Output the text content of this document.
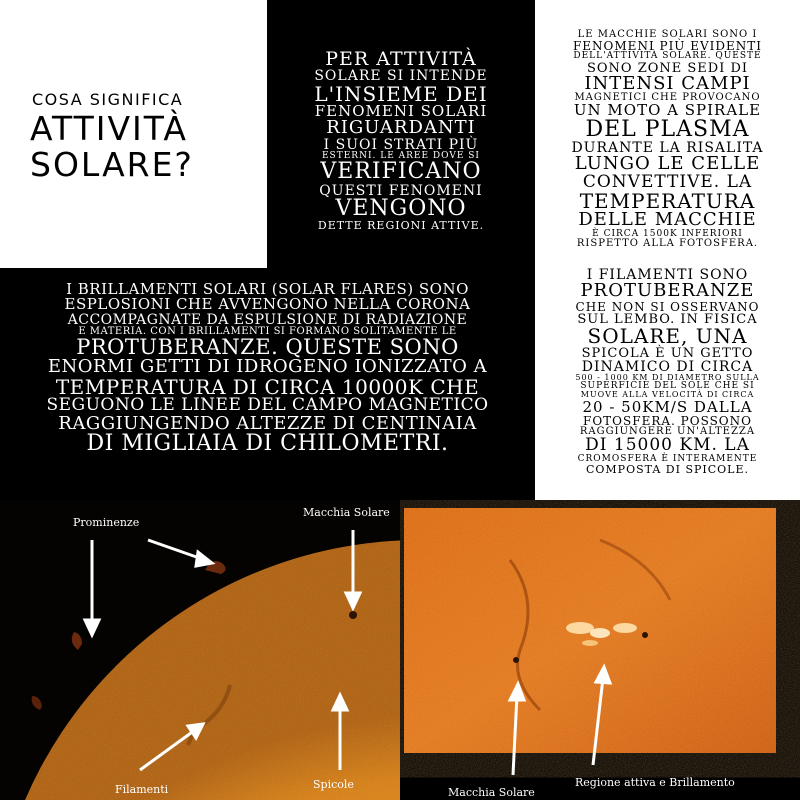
COSA SIGNIFICA
ATTIVITÀ
SOLARE?
PER ATTIVITÀ
SOLARE SI INTENDE
L'INSIEME DEI
FENOMENI SOLARI
RIGUARDANTI
I SUOI STRATI PIÙ
ESTERNI. LE AREE DOVE SI
VERIFICANO
QUESTI FENOMENI
VENGONO
DETTE REGIONI ATTIVE.
LE MACCHIE SOLARI SONO I
FENOMENI PIÙ EVIDENTI
DELL'ATTIVITÀ SOLARE. QUESTE
SONO ZONE SEDI DI
INTENSI CAMPI
MAGNETICI CHE PROVOCANO
UN MOTO A SPIRALE
DEL PLASMA
DURANTE LA RISALITA
LUNGO LE CELLE
CONVETTIVE. LA
TEMPERATURA
DELLE MACCHIE
È CIRCA 1500K INFERIORI
RISPETTO ALLA FOTOSFERA.
I BRILLAMENTI SOLARI (SOLAR FLARES) SONO
ESPLOSIONI CHE AVVENGONO NELLA CORONA
ACCOMPAGNATE DA ESPULSIONE DI RADIAZIONE
E MATERIA. CON I BRILLAMENTI SI FORMANO SOLITAMENTE LE
PROTUBERANZE. QUESTE SONO
ENORMI GETTI DI IDROGENO IONIZZATO A
TEMPERATURA DI CIRCA 10000K CHE
SEGUONO LE LINEE DEL CAMPO MAGNETICO
RAGGIUNGENDO ALTEZZE DI CENTINAIA
DI MIGLIAIA DI CHILOMETRI.
I FILAMENTI SONO
PROTUBERANZE
CHE NON SI OSSERVANO
SUL LEMBO. IN FISICA
SOLARE, UNA
SPICOLA È UN GETTO
DINAMICO DI CIRCA
500 - 1000 KM DI DIAMETRO SULLA
SUPERFICIE DEL SOLE CHE SI
MUOVE ALLA VELOCITÀ DI CIRCA
20 - 50KM/S DALLA
FOTOSFERA. POSSONO
RAGGIUNGERE UN'ALTEZZA
DI 15000 KM. LA
CROMOSFERA È INTERAMENTE
COMPOSTA DI SPICOLE.
Prominenze
Macchia Solare
Filamenti	Spicole
Macchia Solare
Regione attiva e Brillamento
